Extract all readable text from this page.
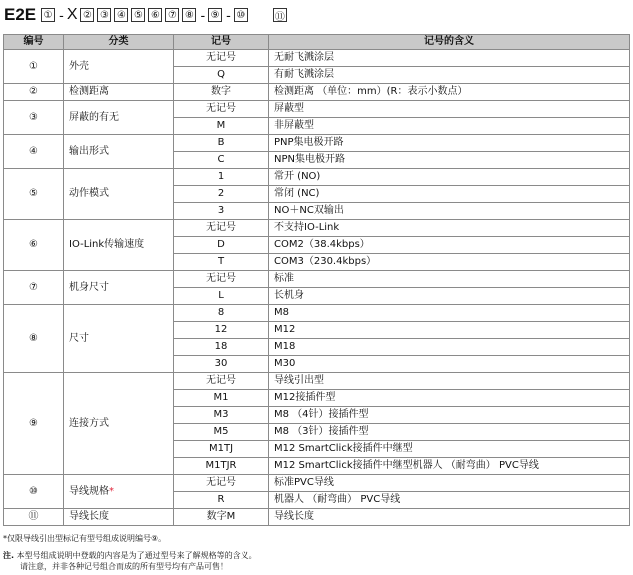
E2E ① - X ② ③ ④ ⑤ ⑥ ⑦ ⑧ - ⑨ - ⑩	⑪
编号	分类	记号	记号的含义
①	外壳	无记号	无耐飞溅涂层
		Q	有耐飞溅涂层
②	检测距离	数字	检测距离 （单位：mm）(R：表示小数点）
③	屏蔽的有无	无记号	屏蔽型
		M	非屏蔽型
④	输出形式	B	PNP集电极开路
		C	NPN集电极开路
⑤	动作模式	1	常开 (NO)
		2	常闭 (NC)
		3	NO＋NC双输出
⑥	IO-Link传输速度	无记号	不支持IO-Link
		D	COM2（38.4kbps）
		T	COM3（230.4kbps）
⑦	机身尺寸	无记号	标准
		L	长机身
⑧	尺寸	8	M8
		12	M12
		18	M18
		30	M30
⑨	连接方式	无记号	导线引出型
		M1	M12接插件型
		M3	M8 （4针）接插件型
		M5	M8 （3针）接插件型
		M1TJ	M12 SmartClick接插件中继型
		M1TJR	M12 SmartClick接插件中继型机器人 （耐弯曲） PVC导线
⑩	导线规格*	无记号	标准PVC导线
		R	机器人 （耐弯曲） PVC导线
⑪	导线长度	数字M	导线长度
*仅限导线引出型标记有型号组成说明编号⑨。
注. 本型号组成说明中登载的内容是为了通过型号来了解规格等的含义。
请注意，并非各种记号组合而成的所有型号均有产品可售！
